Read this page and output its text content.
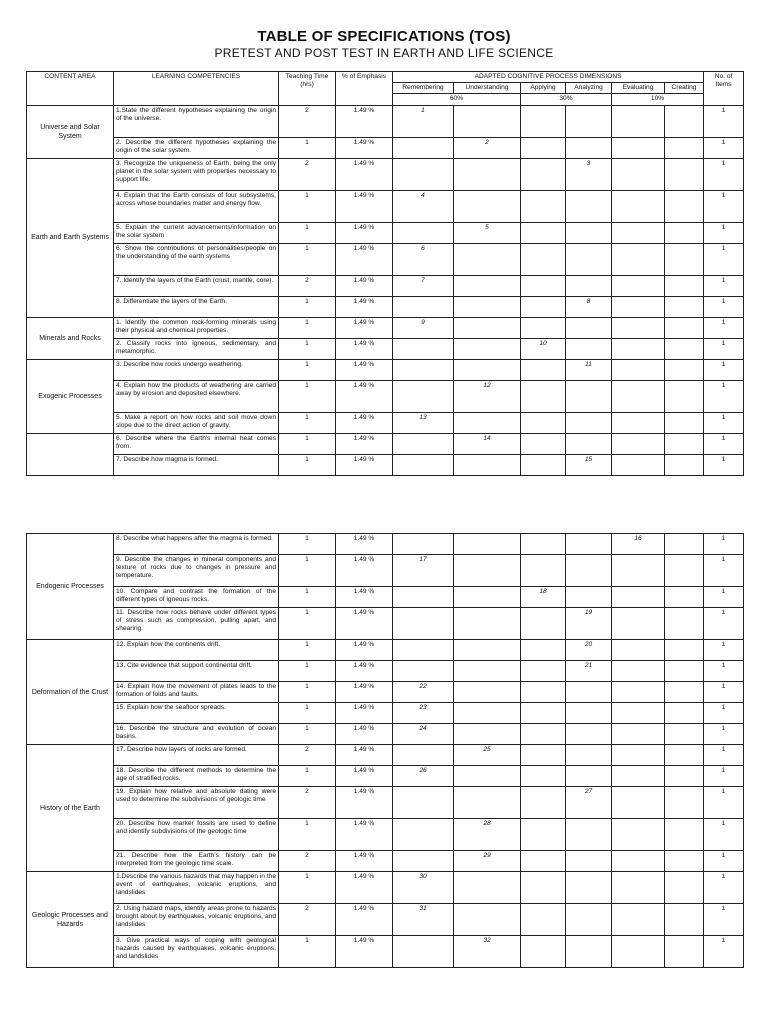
TABLE OF SPECIFICATIONS (TOS)
PRETEST AND POST TEST IN EARTH AND LIFE SCIENCE
CONTENT AREA	LEARNING COMPETENCIES	Teaching Time (hrs)	% of Emphasis	ADAPTED COGNITIVE PROCESS DIMENSIONS						No. of Items
				Remembering	Understanding	Applying	Analyzing	Evaluating	Creating	
				60%		30%		10%		
Universe and Solar System	1.State the different hypotheses explaining the origin of the universe.	2	1.49 %	1						1
	2. Describe the different hypotheses explaining the origin of the solar system.	1	1.49 %		2					1
Earth and Earth Systems	3. Recognize the uniqueness of Earth, being the only planet in the solar system with properties necessary to support life.	2	1.49 %				3			1
	4. Explain that the Earth consists of four subsystems, across whose boundaries matter and energy flow.	1	1.49 %	4						1
	5. Explain the current advancements/information on the solar system	1	1.49 %		5					1
	6. Show the contributions of personalities/people on the understanding of the earth systems	1	1.49 %	6						1
	7. Identify the layers of the Earth (crust, mantle, core).	2	1.49 %	7						1
	8. Differentiate the layers of the Earth.	1	1.49 %				8			1
Minerals and Rocks	1. Identify the common rock-forming minerals using their physical and chemical properties.	1	1.49 %	9						1
	2. Classify rocks into igneous, sedimentary, and metamorphic.	1	1.49 %			10				1
Exogenic Processes	3. Describe how rocks undergo weathering.	1	1.49 %				11			1
	4. Explain how the products of weathering are carried away by erosion and deposited elsewhere.	1	1.49 %		12					1
	5. Make a report on how rocks and soil move down slope due to the direct action of gravity.	1	1.49 %	13						1
	6. Describe where the Earth's internal heat comes from.	1	1.49 %		14					1
	7. Describe how magma is formed.	1	1.49 %				15			1
Endogenic Processes	8. Describe what happens after the magma is formed.	1	1.49 %					16		1
	9. Describe the changes in mineral components and texture of rocks due to changes in pressure and temperature.	1	1.49 %	17						1
	10. Compare and contrast the formation of the different types of igneous rocks.	1	1.49 %			18				1
	11. Describe how rocks behave under different types of stress such as compression, pulling apart, and shearing.	1	1.49 %				19			1
Deformation of the Crust	12. Explain how the continents drift.	1	1.49 %				20			1
	13. Cite evidence that support continental drift.	1	1.49 %				21			1
	14. Explain how the movement of plates leads to the formation of folds and faults.	1	1.49 %	22						1
	15. Explain how the seafloor spreads.	1	1.49 %	23						1
	16. Describe the structure and evolution of ocean basins.	1	1.49 %	24						1
History of the Earth	17. Describe how layers of rocks are formed.	2	1.49 %		25					1
	18. Describe the different methods to determine the age of stratified rocks.	1	1.49 %	26						1
	19. Explain how relative and absolute dating were used to determine the subdivisions of geologic time	2	1.49 %				27			1
	20. Describe how marker fossils are used to define and identify subdivisions of the geologic time	1	1.49 %		28					1
	21. Describe how the Earth's history can be interpreted from the geologic time scale.	2	1.49 %		29					1
Geologic Processes and Hazards	1.Describe the various hazards that may happen in the event of earthquakes, volcanic eruptions, and landslides	1	1.49 %	30						1
	2. Using hazard maps, identify areas prone to hazards brought about by earthquakes, volcanic eruptions, and landslides	2	1.49 %	31						1
	3. Give practical ways of coping with geological hazards caused by earthquakes, volcanic eruptions, and landslides	1	1.49 %		32					1
